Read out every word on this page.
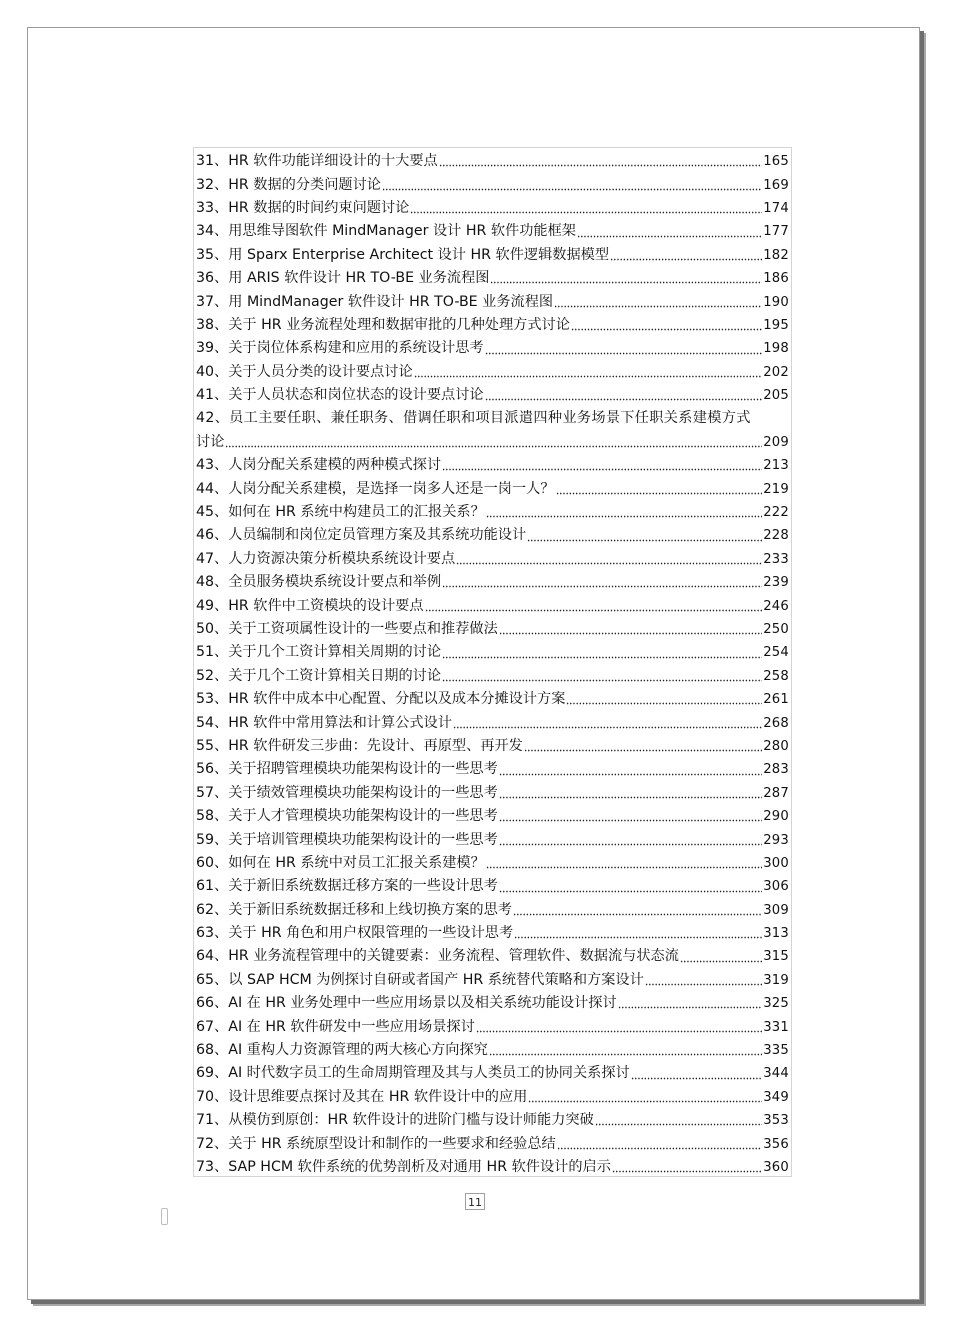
31、HR 软件功能详细设计的十大要点	165
32、HR 数据的分类问题讨论	169
33、HR 数据的时间约束问题讨论	174
34、用思维导图软件 MindManager 设计 HR 软件功能框架	177
35、用 Sparx Enterprise Architect 设计 HR 软件逻辑数据模型	182
36、用 ARIS 软件设计 HR TO-BE 业务流程图	186
37、用 MindManager 软件设计 HR TO-BE 业务流程图	190
38、关于 HR 业务流程处理和数据审批的几种处理方式讨论	195
39、关于岗位体系构建和应用的系统设计思考	198
40、关于人员分类的设计要点讨论	202
41、关于人员状态和岗位状态的设计要点讨论	205
42、员工主要任职、兼任职务、借调任职和项目派遣四种业务场景下任职关系建模方式
讨论	209
43、人岗分配关系建模的两种模式探讨	213
44、人岗分配关系建模，是选择一岗多人还是一岗一人？	219
45、如何在 HR 系统中构建员工的汇报关系？	222
46、人员编制和岗位定员管理方案及其系统功能设计	228
47、人力资源决策分析模块系统设计要点	233
48、全员服务模块系统设计要点和举例	239
49、HR 软件中工资模块的设计要点	246
50、关于工资项属性设计的一些要点和推荐做法	250
51、关于几个工资计算相关周期的讨论	254
52、关于几个工资计算相关日期的讨论	258
53、HR 软件中成本中心配置、分配以及成本分摊设计方案	261
54、HR 软件中常用算法和计算公式设计	268
55、HR 软件研发三步曲：先设计、再原型、再开发	280
56、关于招聘管理模块功能架构设计的一些思考	283
57、关于绩效管理模块功能架构设计的一些思考	287
58、关于人才管理模块功能架构设计的一些思考	290
59、关于培训管理模块功能架构设计的一些思考	293
60、如何在 HR 系统中对员工汇报关系建模？	300
61、关于新旧系统数据迁移方案的一些设计思考	306
62、关于新旧系统数据迁移和上线切换方案的思考	309
63、关于 HR 角色和用户权限管理的一些设计思考	313
64、HR 业务流程管理中的关键要素：业务流程、管理软件、数据流与状态流	315
65、以 SAP HCM 为例探讨自研或者国产 HR 系统替代策略和方案设计	319
66、AI 在 HR 业务处理中一些应用场景以及相关系统功能设计探讨	325
67、AI 在 HR 软件研发中一些应用场景探讨	331
68、AI 重构人力资源管理的两大核心方向探究	335
69、AI 时代数字员工的生命周期管理及其与人类员工的协同关系探讨	344
70、设计思维要点探讨及其在 HR 软件设计中的应用	349
71、从模仿到原创：HR 软件设计的进阶门槛与设计师能力突破	353
72、关于 HR 系统原型设计和制作的一些要求和经验总结	356
73、SAP HCM 软件系统的优势剖析及对通用 HR 软件设计的启示	360
11
